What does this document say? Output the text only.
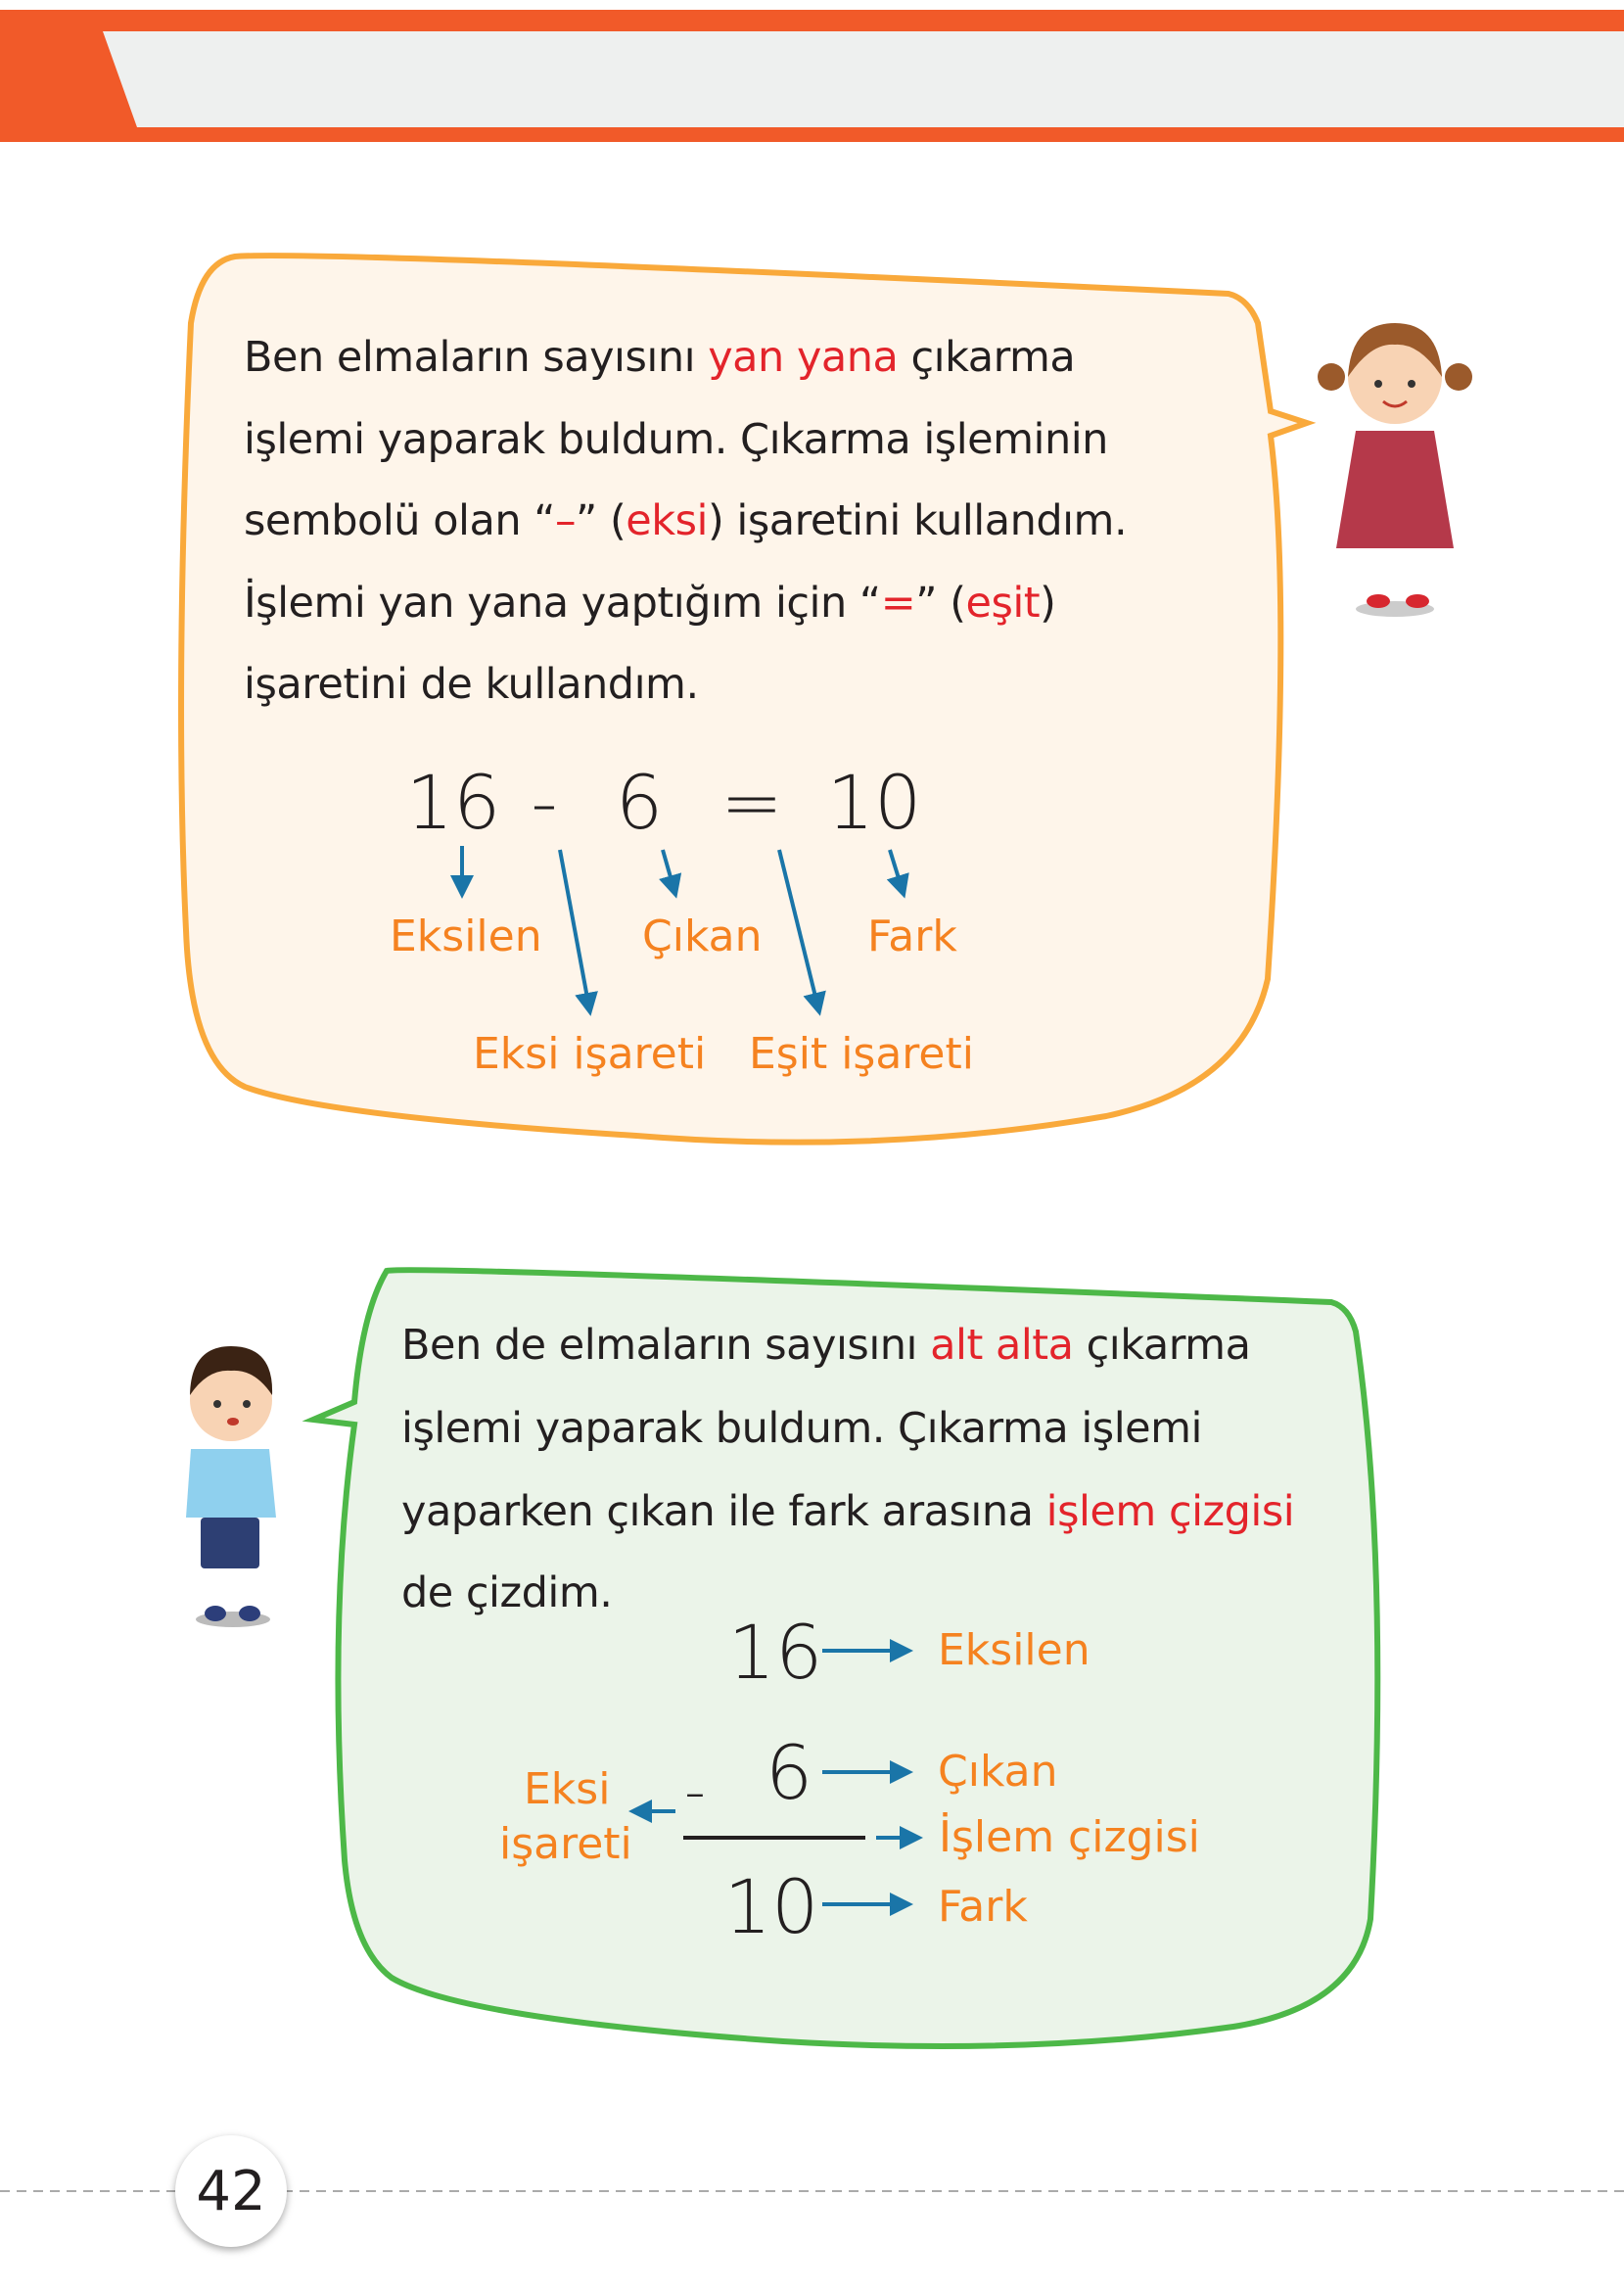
Ben elmaların sayısını yan yana çıkarma
işlemi yaparak buldum. Çıkarma işleminin
sembolü olan “–” (eksi) işaretini kullandım.
İşlemi yan yana yaptığım için “=” (eşit)
işaretini de kullandım.
16 - 6 = 10
Eksilen Çıkan Fark
Eksi işareti Eşit işareti
Ben de elmaların sayısını alt alta çıkarma
işlemi yaparak buldum. Çıkarma işlemi
yaparken çıkan ile fark arasına işlem çizgisi
de çizdim.
16
6
-
10
Eksilen
Çıkan
İşlem çizgisi
Fark
Eksi
işareti
42
